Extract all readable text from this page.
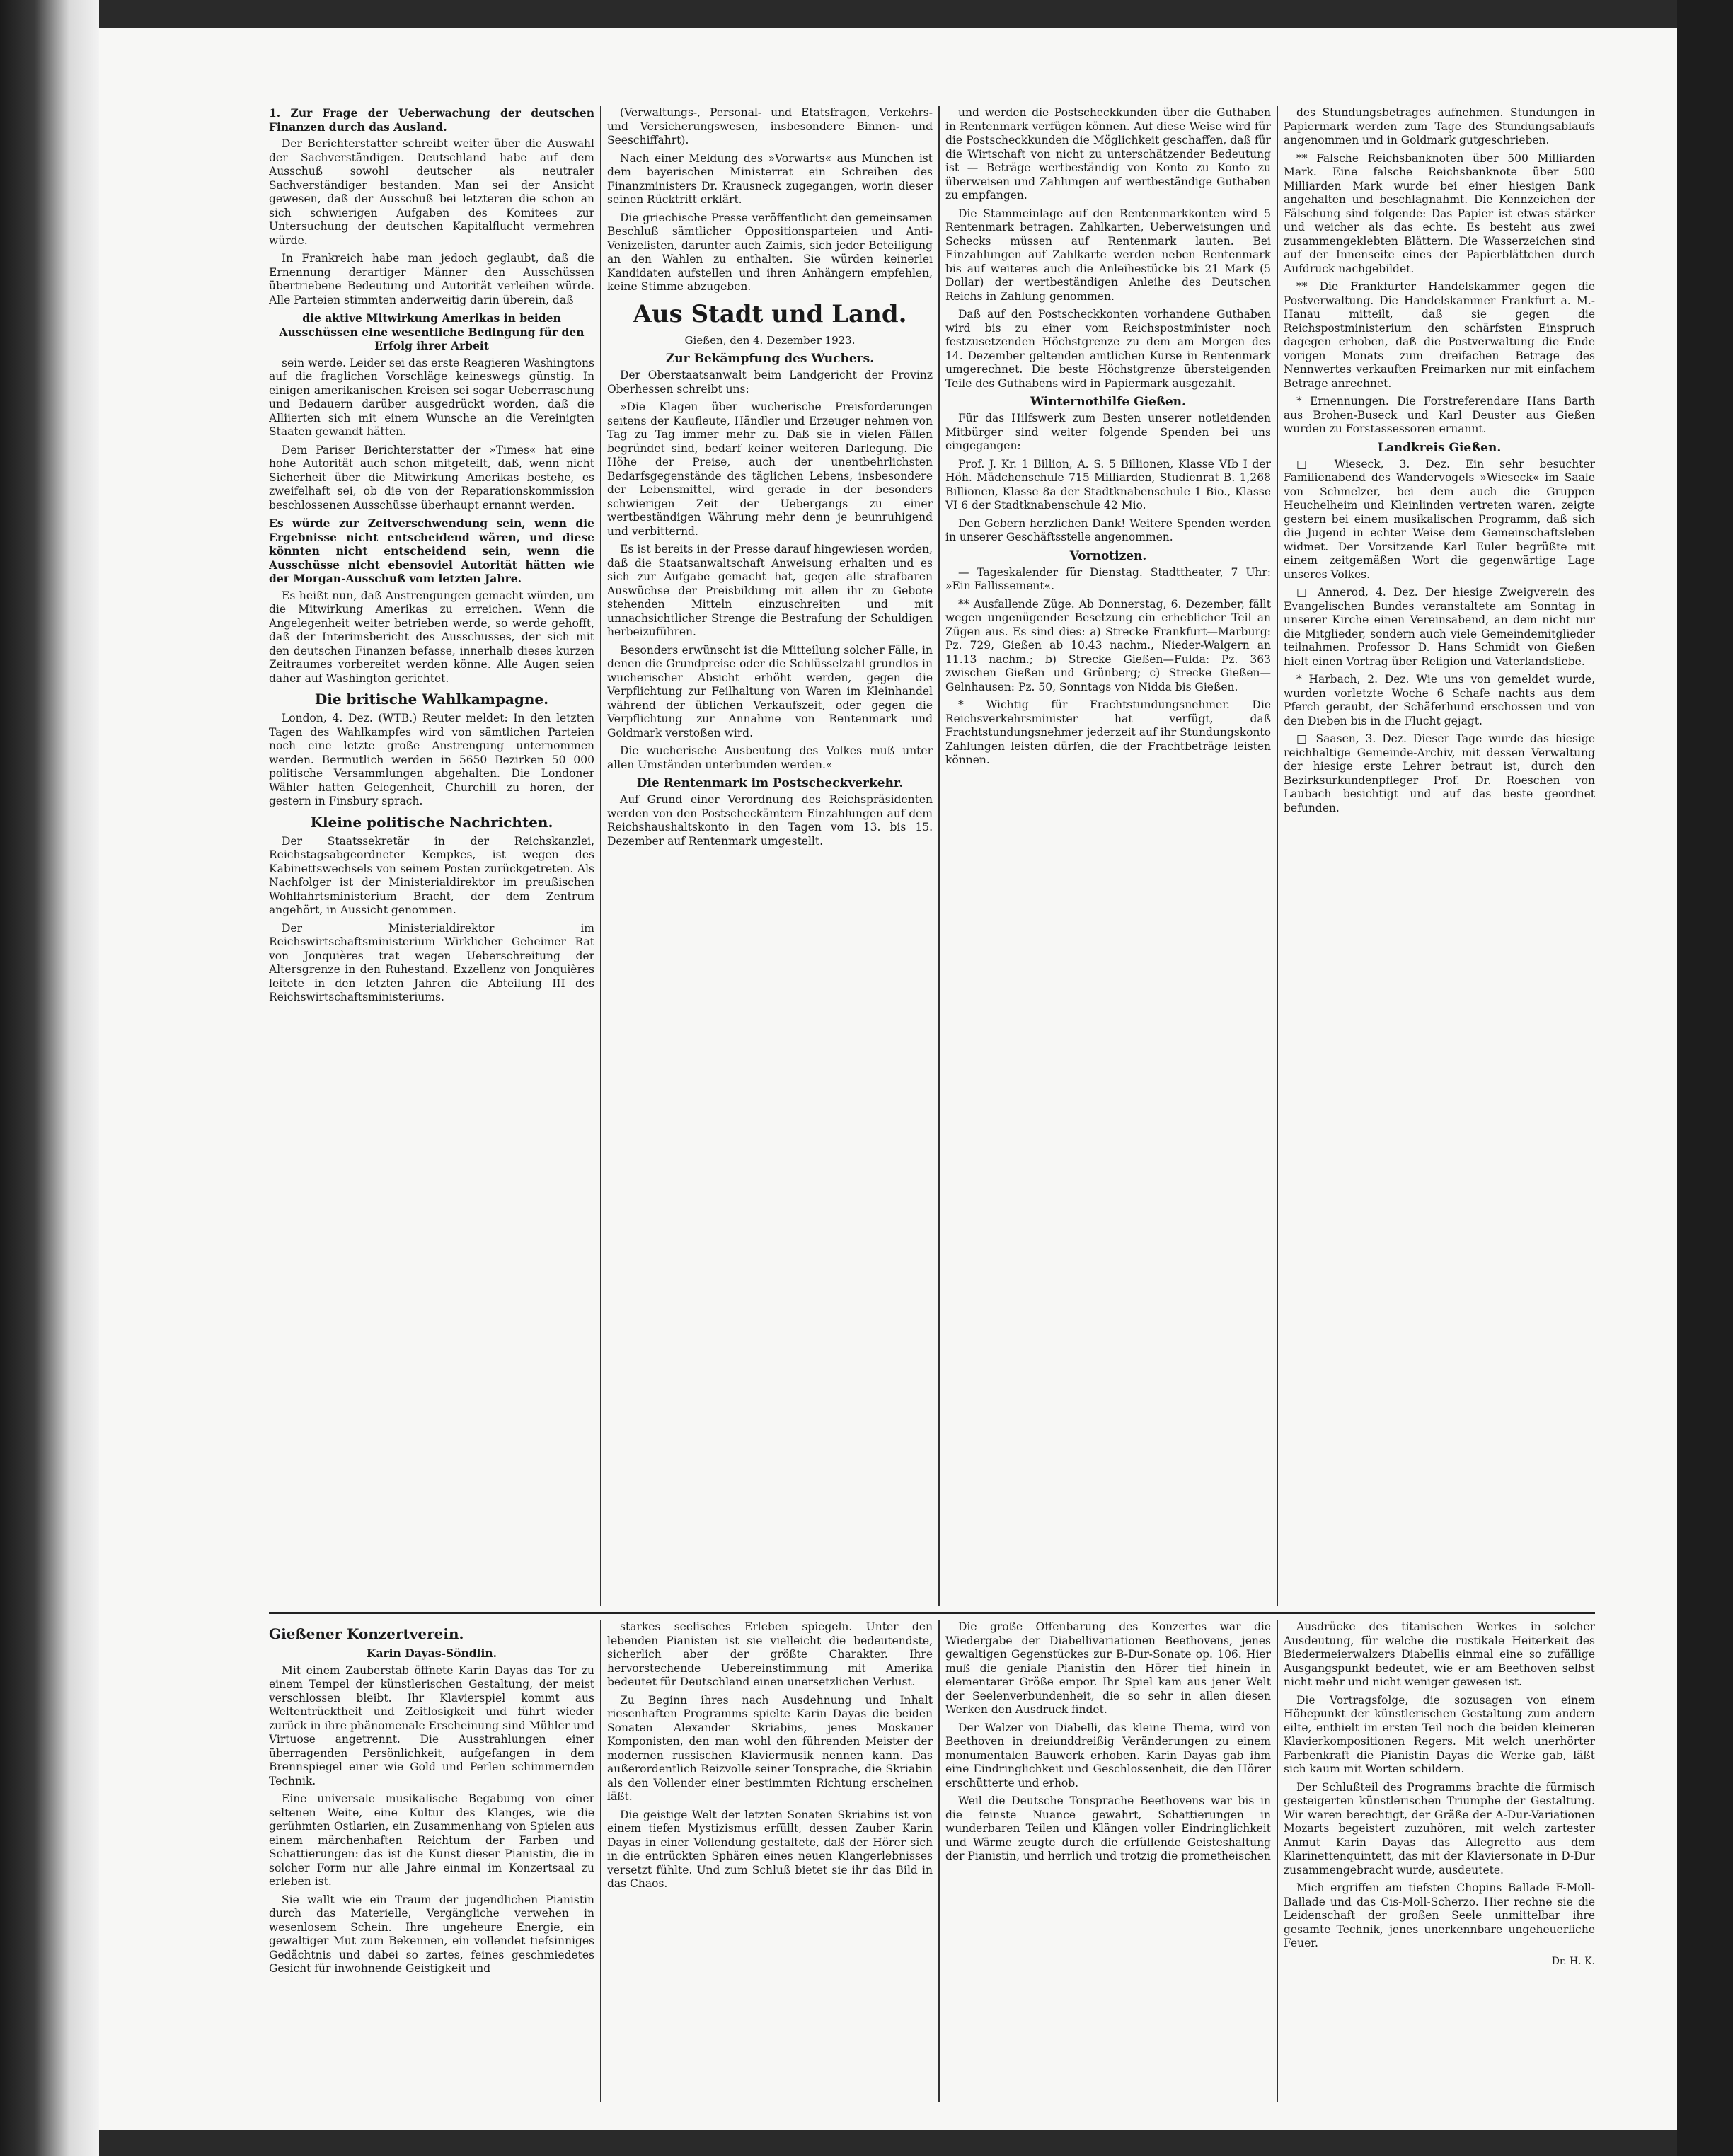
1. Zur Frage der Ueberwachung der deutschen Finanzen durch das Ausland.

Der Berichterstatter schreibt weiter über die Auswahl der Sachverständigen. Deutschland habe auf dem Ausschuß sowohl deutscher als neutraler Sachverständiger bestanden. Man sei der Ansicht gewesen, daß der Ausschuß bei letzteren die schon an sich schwierigen Aufgaben des Komitees zur Untersuchung der deutschen Kapitalflucht vermehren würde.

In Frankreich habe man jedoch geglaubt, daß die Ernennung derartiger Männer den Ausschüssen übertriebene Bedeutung und Autorität verleihen würde. Alle Parteien stimmten anderweitig darin überein, daß

die aktive Mitwirkung Amerikas in beiden Ausschüssen eine wesentliche Bedingung für den Erfolg ihrer Arbeit

sein werde. Leider sei das erste Reagieren Washingtons auf die fraglichen Vorschläge keineswegs günstig. In einigen amerikanischen Kreisen sei sogar Ueberraschung und Bedauern darüber ausgedrückt worden, daß die Alliierten sich mit einem Wunsche an die Vereinigten Staaten gewandt hätten.

Dem Pariser Berichterstatter der »Times« hat eine hohe Autorität auch schon mitgeteilt, daß, wenn nicht Sicherheit über die Mitwirkung Amerikas bestehe, es zweifelhaft sei, ob die von der Reparationskommission beschlossenen Ausschüsse überhaupt ernannt werden.

Es würde zur Zeitverschwendung sein, wenn die Ergebnisse nicht entscheidend wären, und diese könnten nicht entscheidend sein, wenn die Ausschüsse nicht ebensoviel Autorität hätten wie der Morgan-Ausschuß vom letzten Jahre.

Es heißt nun, daß Anstrengungen gemacht würden, um die Mitwirkung Amerikas zu erreichen. Wenn die Angelegenheit weiter betrieben werde, so werde gehofft, daß der Interimsbericht des Ausschusses, der sich mit den deutschen Finanzen befasse, innerhalb dieses kurzen Zeitraumes vorbereitet werden könne. Alle Augen seien daher auf Washington gerichtet.

Die britische Wahlkampagne.

London, 4. Dez. (WTB.) Reuter meldet: In den letzten Tagen des Wahlkampfes wird von sämtlichen Parteien noch eine letzte große Anstrengung unternommen werden. Bermutlich werden in 5650 Bezirken 50 000 politische Versammlungen abgehalten. Die Londoner Wähler hatten Gelegenheit, Churchill zu hören, der gestern in Finsbury sprach.

Kleine politische Nachrichten.

Der Staatssekretär in der Reichskanzlei, Reichstagsabgeordneter Kempkes, ist wegen des Kabinettswechsels von seinem Posten zurückgetreten. Als Nachfolger ist der Ministerialdirektor im preußischen Wohlfahrtsministerium Bracht, der dem Zentrum angehört, in Aussicht genommen.

Der Ministerialdirektor im Reichswirtschaftsministerium Wirklicher Geheimer Rat von Jonquières trat wegen Ueberschreitung der Altersgrenze in den Ruhestand. Exzellenz von Jonquières leitete in den letzten Jahren die Abteilung III des Reichswirtschaftsministeriums.

(Verwaltungs-, Personal- und Etatsfragen, Verkehrs- und Versicherungswesen, insbesondere Binnen- und Seeschiffahrt).

Nach einer Meldung des »Vorwärts« aus München ist dem bayerischen Ministerrat ein Schreiben des Finanzministers Dr. Krausneck zugegangen, worin dieser seinen Rücktritt erklärt.

Die griechische Presse veröffentlicht den gemeinsamen Beschluß sämtlicher Oppositionsparteien und Anti-Venizelisten, darunter auch Zaimis, sich jeder Beteiligung an den Wahlen zu enthalten. Sie würden keinerlei Kandidaten aufstellen und ihren Anhängern empfehlen, keine Stimme abzugeben.

Aus Stadt und Land.

Gießen, den 4. Dezember 1923.

Zur Bekämpfung des Wuchers.

Der Oberstaatsanwalt beim Landgericht der Provinz Oberhessen schreibt uns:

»Die Klagen über wucherische Preisforderungen seitens der Kaufleute, Händler und Erzeuger nehmen von Tag zu Tag immer mehr zu. Daß sie in vielen Fällen begründet sind, bedarf keiner weiteren Darlegung. Die Höhe der Preise, auch der unentbehrlichsten Bedarfsgegenstände des täglichen Lebens, insbesondere der Lebensmittel, wird gerade in der besonders schwierigen Zeit der Uebergangs zu einer wertbeständigen Währung mehr denn je beunruhigend und verbitternd.

Es ist bereits in der Presse darauf hingewiesen worden, daß die Staatsanwaltschaft Anweisung erhalten und es sich zur Aufgabe gemacht hat, gegen alle strafbaren Auswüchse der Preisbildung mit allen ihr zu Gebote stehenden Mitteln einzuschreiten und mit unnachsichtlicher Strenge die Bestrafung der Schuldigen herbeizuführen.

Besonders erwünscht ist die Mitteilung solcher Fälle, in denen die Grundpreise oder die Schlüsselzahl grundlos in wucherischer Absicht erhöht werden, gegen die Verpflichtung zur Feilhaltung von Waren im Kleinhandel während der üblichen Verkaufszeit, oder gegen die Verpflichtung zur Annahme von Rentenmark und Goldmark verstoßen wird.

Die wucherische Ausbeutung des Volkes muß unter allen Umständen unterbunden werden.«

Die Rentenmark im Postscheckverkehr.

Auf Grund einer Verordnung des Reichspräsidenten werden von den Postscheckämtern Einzahlungen auf dem Reichshaushaltskonto in den Tagen vom 13. bis 15. Dezember auf Rentenmark umgestellt.

und werden die Postscheckkunden über die Guthaben in Rentenmark verfügen können. Auf diese Weise wird für die Postscheckkunden die Möglichkeit geschaffen, daß für die Wirtschaft von nicht zu unterschätzender Bedeutung ist — Beträge wertbeständig von Konto zu Konto zu überweisen und Zahlungen auf wertbeständige Guthaben zu empfangen.

Die Stammeinlage auf den Rentenmarkkonten wird 5 Rentenmark betragen. Zahlkarten, Ueberweisungen und Schecks müssen auf Rentenmark lauten. Bei Einzahlungen auf Zahlkarte werden neben Rentenmark bis auf weiteres auch die Anleihestücke bis 21 Mark (5 Dollar) der wertbeständigen Anleihe des Deutschen Reichs in Zahlung genommen.

Daß auf den Postscheckkonten vorhandene Guthaben wird bis zu einer vom Reichspostminister noch festzusetzenden Höchstgrenze zu dem am Morgen des 14. Dezember geltenden amtlichen Kurse in Rentenmark umgerechnet. Die beste Höchstgrenze übersteigenden Teile des Guthabens wird in Papiermark ausgezahlt.

Winternothilfe Gießen.

Für das Hilfswerk zum Besten unserer notleidenden Mitbürger sind weiter folgende Spenden bei uns eingegangen:

Prof. J. Kr. 1 Billion, A. S. 5 Billionen, Klasse VIb I der Höh. Mädchenschule 715 Milliarden, Studienrat B. 1,268 Billionen, Klasse 8a der Stadtknabenschule 1 Bio., Klasse VI 6 der Stadtknabenschule 42 Mio.

Den Gebern herzlichen Dank! Weitere Spenden werden in unserer Geschäftsstelle angenommen.

Vornotizen.

— Tageskalender für Dienstag. Stadttheater, 7 Uhr: »Ein Fallissement«.

** Ausfallende Züge. Ab Donnerstag, 6. Dezember, fällt wegen ungenügender Besetzung ein erheblicher Teil an Zügen aus. Es sind dies: a) Strecke Frankfurt—Marburg: Pz. 729, Gießen ab 10.43 nachm., Nieder-Walgern an 11.13 nachm.; b) Strecke Gießen—Fulda: Pz. 363 zwischen Gießen und Grünberg; c) Strecke Gießen—Gelnhausen: Pz. 50, Sonntags von Nidda bis Gießen.

* Wichtig für Frachtstundungsnehmer. Die Reichsverkehrsminister hat verfügt, daß Frachtstundungsnehmer jederzeit auf ihr Stundungskonto Zahlungen leisten dürfen, die der Frachtbeträge leisten können.

des Stundungsbetrages aufnehmen. Stundungen in Papiermark werden zum Tage des Stundungsablaufs angenommen und in Goldmark gutgeschrieben.

** Falsche Reichsbanknoten über 500 Milliarden Mark. Eine falsche Reichsbanknote über 500 Milliarden Mark wurde bei einer hiesigen Bank angehalten und beschlagnahmt. Die Kennzeichen der Fälschung sind folgende: Das Papier ist etwas stärker und weicher als das echte. Es besteht aus zwei zusammengeklebten Blättern. Die Wasserzeichen sind auf der Innenseite eines der Papierblättchen durch Aufdruck nachgebildet.

** Die Frankfurter Handelskammer gegen die Postverwaltung. Die Handelskammer Frankfurt a. M.-Hanau mitteilt, daß sie gegen die Reichspostministerium den schärfsten Einspruch dagegen erhoben, daß die Postverwaltung die Ende vorigen Monats zum dreifachen Betrage des Nennwertes verkauften Freimarken nur mit einfachem Betrage anrechnet.

* Ernennungen. Die Forstreferendare Hans Barth aus Brohen-Buseck und Karl Deuster aus Gießen wurden zu Forstassessoren ernannt.

Landkreis Gießen.

□ Wieseck, 3. Dez. Ein sehr besuchter Familienabend des Wandervogels »Wieseck« im Saale von Schmelzer, bei dem auch die Gruppen Heuchelheim und Kleinlinden vertreten waren, zeigte gestern bei einem musikalischen Programm, daß sich die Jugend in echter Weise dem Gemeinschaftsleben widmet. Der Vorsitzende Karl Euler begrüßte mit einem zeitgemäßen Wort die gegenwärtige Lage unseres Volkes.

□ Annerod, 4. Dez. Der hiesige Zweigverein des Evangelischen Bundes veranstaltete am Sonntag in unserer Kirche einen Vereinsabend, an dem nicht nur die Mitglieder, sondern auch viele Gemeindemitglieder teilnahmen. Professor D. Hans Schmidt von Gießen hielt einen Vortrag über Religion und Vaterlandsliebe.

* Harbach, 2. Dez. Wie uns von gemeldet wurde, wurden vorletzte Woche 6 Schafe nachts aus dem Pferch geraubt, der Schäferhund erschossen und von den Dieben bis in die Flucht gejagt.

□ Saasen, 3. Dez. Dieser Tage wurde das hiesige reichhaltige Gemeinde-Archiv, mit dessen Verwaltung der hiesige erste Lehrer betraut ist, durch den Bezirksurkundenpfleger Prof. Dr. Roeschen von Laubach besichtigt und auf das beste geordnet befunden.

Gießener Konzertverein.

Karin Dayas-Söndlin.

Mit einem Zauberstab öffnete Karin Dayas das Tor zu einem Tempel der künstlerischen Gestaltung, der meist verschlossen bleibt. Ihr Klavierspiel kommt aus Weltentrücktheit und Zeitlosigkeit und führt wieder zurück in ihre phänomenale Erscheinung sind Mühler und Virtuose angetrennt. Die Ausstrahlungen einer überragenden Persönlichkeit, aufgefangen in dem Brennspiegel einer wie Gold und Perlen schimmernden Technik.

Eine universale musikalische Begabung von einer seltenen Weite, eine Kultur des Klanges, wie die gerühmten Ostlarien, ein Zusammenhang von Spielen aus einem märchenhaften Reichtum der Farben und Schattierungen: das ist die Kunst dieser Pianistin, die in solcher Form nur alle Jahre einmal im Konzertsaal zu erleben ist.

Sie wallt wie ein Traum der jugendlichen Pianistin durch das Materielle, Vergängliche verwehen in wesenlosem Schein. Ihre ungeheure Energie, ein gewaltiger Mut zum Bekennen, ein vollendet tiefsinniges Gedächtnis und dabei so zartes, feines geschmiedetes Gesicht für inwohnende Geistigkeit und

starkes seelisches Erleben spiegeln. Unter den lebenden Pianisten ist sie vielleicht die bedeutendste, sicherlich aber der größte Charakter. Ihre hervorstechende Uebereinstimmung mit Amerika bedeutet für Deutschland einen unersetzlichen Verlust.

Zu Beginn ihres nach Ausdehnung und Inhalt riesenhaften Programms spielte Karin Dayas die beiden Sonaten Alexander Skriabins, jenes Moskauer Komponisten, den man wohl den führenden Meister der modernen russischen Klaviermusik nennen kann. Das außerordentlich Reizvolle seiner Tonsprache, die Skriabin als den Vollender einer bestimmten Richtung erscheinen läßt.

Die geistige Welt der letzten Sonaten Skriabins ist von einem tiefen Mystizismus erfüllt, dessen Zauber Karin Dayas in einer Vollendung gestaltete, daß der Hörer sich in die entrückten Sphären eines neuen Klangerlebnisses versetzt fühlte. Und zum Schluß bietet sie ihr das Bild in das Chaos.

Die große Offenbarung des Konzertes war die Wiedergabe der Diabellivariationen Beethovens, jenes gewaltigen Gegenstückes zur B-Dur-Sonate op. 106. Hier muß die geniale Pianistin den Hörer tief hinein in elementarer Größe empor. Ihr Spiel kam aus jener Welt der Seelenverbundenheit, die so sehr in allen diesen Werken den Ausdruck findet.

Der Walzer von Diabelli, das kleine Thema, wird von Beethoven in dreiunddreißig Veränderungen zu einem monumentalen Bauwerk erhoben. Karin Dayas gab ihm eine Eindringlichkeit und Geschlossenheit, die den Hörer erschütterte und erhob.

Weil die Deutsche Tonsprache Beethovens war bis in die feinste Nuance gewahrt, Schattierungen in wunderbaren Teilen und Klängen voller Eindringlichkeit und Wärme zeugte durch die erfüllende Geisteshaltung der Pianistin, und herrlich und trotzig die prometheischen

Ausdrücke des titanischen Werkes in solcher Ausdeutung, für welche die rustikale Heiterkeit des Biedermeierwalzers Diabellis einmal eine so zufällige Ausgangspunkt bedeutet, wie er am Beethoven selbst nicht mehr und nicht weniger gewesen ist.

Die Vortragsfolge, die sozusagen von einem Höhepunkt der künstlerischen Gestaltung zum andern eilte, enthielt im ersten Teil noch die beiden kleineren Klavierkompositionen Regers. Mit welch unerhörter Farbenkraft die Pianistin Dayas die Werke gab, läßt sich kaum mit Worten schildern.

Der Schlußteil des Programms brachte die fürmisch gesteigerten künstlerischen Triumphe der Gestaltung. Wir waren berechtigt, der Gräße der A-Dur-Variationen Mozarts begeistert zuzuhören, mit welch zartester Anmut Karin Dayas das Allegretto aus dem Klarinettenquintett, das mit der Klaviersonate in D-Dur zusammengebracht wurde, ausdeutete.

Mich ergriffen am tiefsten Chopins Ballade F-Moll-Ballade und das Cis-Moll-Scherzo. Hier rechne sie die Leidenschaft der großen Seele unmittelbar ihre gesamte Technik, jenes unerkennbare ungeheuerliche Feuer.

Dr. H. K.
